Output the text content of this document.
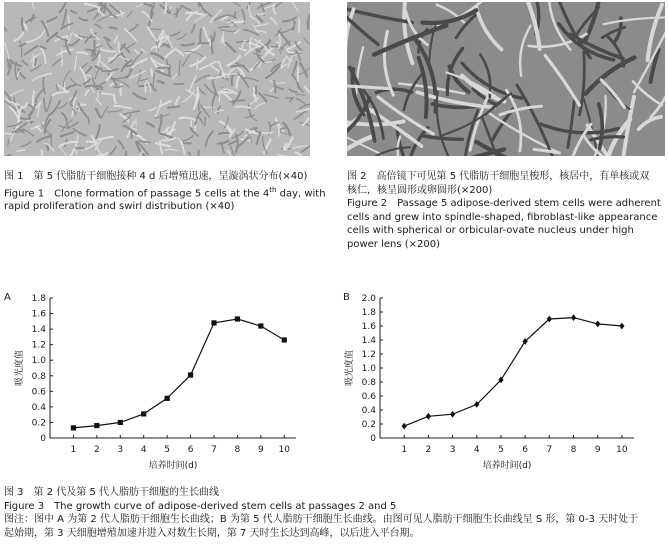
图 1　第 5 代脂肪干细胞接种 4 d 后增殖迅速，呈漩涡状分布(×40)
Figure 1　Clone formation of passage 5 cells at the 4th day, with
rapid proliferation and swirl distribution (×40)
图 2　高倍镜下可见第 5 代脂肪干细胞呈梭形，核居中，有单核或双
核仁，核呈圆形或卵圆形(×200)
Figure 2　Passage 5 adipose-derived stem cells were adherent cells and grew into spindle-shaped, fibroblast-like appearance cells with spherical or orbicular-ovate nucleus under high power lens (×200)
A	B
0
0.2
0.4
0.6
0.8
1.0
1.2
1.4
1.6
1.8
1 2 3 4 5 6 7 8 9 10
培养时间(d)
吸光度值
0
0.2
0.4
0.6
0.8
1.0
1.2
1.4
1.6
1.8
2.0
1 2 3 4 5 6 7 8 9 10
培养时间(d)
吸光度值
图 3　第 2 代及第 5 代人脂肪干细胞的生长曲线
Figure 3　The growth curve of adipose-derived stem cells at passages 2 and 5
图注：图中 A 为第 2 代人脂肪干细胞生长曲线；B 为第 5 代人脂肪干细胞生长曲线。由图可见人脂肪干细胞生长曲线呈 S 形，第 0-3 天时处于
起始期，第 3 天细胞增殖加速并进入对数生长期，第 7 天时生长达到高峰，以后进入平台期。
